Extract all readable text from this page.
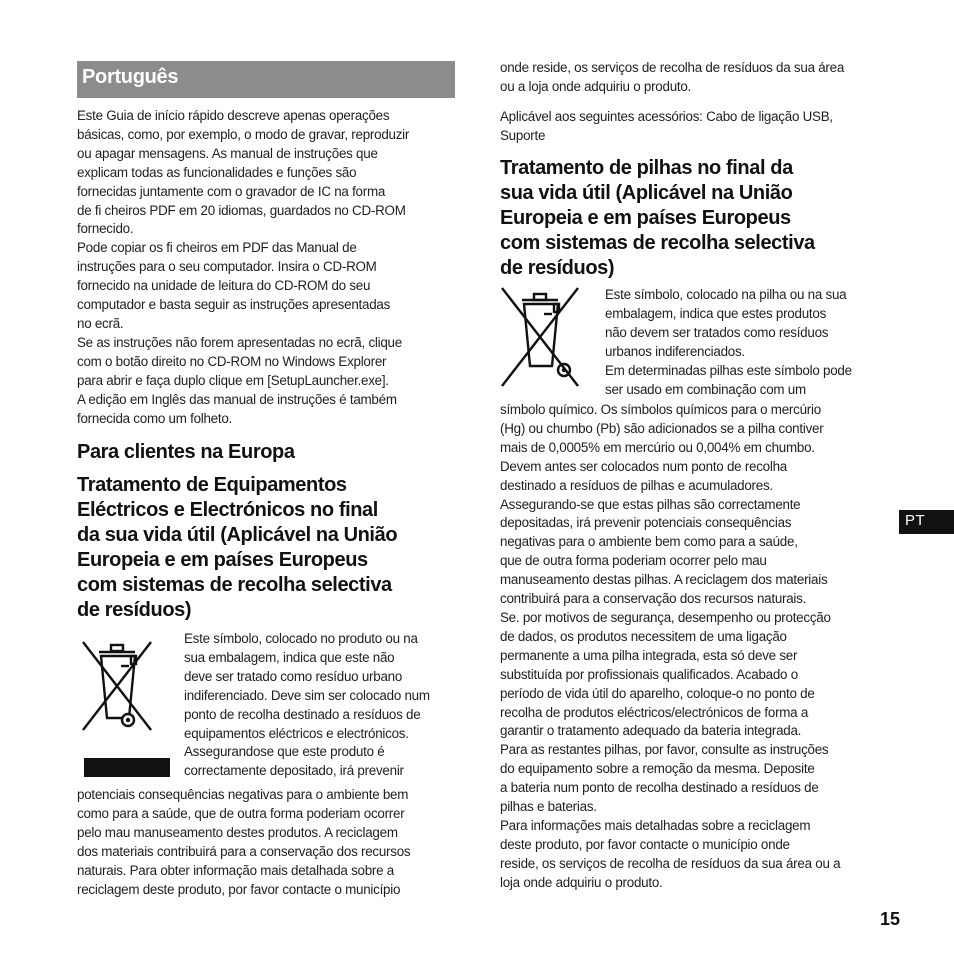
Português
Este Guia de início rápido descreve apenas operações
básicas, como, por exemplo, o modo de gravar, reproduzir
ou apagar mensagens. As manual de instruções que
explicam todas as funcionalidades e funções são
fornecidas juntamente com o gravador de IC na forma
de fi cheiros PDF em 20 idiomas, guardados no CD-ROM
fornecido.
Pode copiar os fi cheiros em PDF das Manual de
instruções para o seu computador. Insira o CD-ROM
fornecido na unidade de leitura do CD-ROM do seu
computador e basta seguir as instruções apresentadas
no ecrã.
Se as instruções não forem apresentadas no ecrã, clique
com o botão direito no CD-ROM no Windows Explorer
para abrir e faça duplo clique em [SetupLauncher.exe].
A edição em Inglês das manual de instruções é também
fornecida como um folheto.
Para clientes na Europa
Tratamento de Equipamentos
Eléctricos e Electrónicos no final
da sua vida útil (Aplicável na União
Europeia e em países Europeus
com sistemas de recolha selectiva
de resíduos)
Este símbolo, colocado no produto ou na
sua embalagem, indica que este não
deve ser tratado como resíduo urbano
indiferenciado. Deve sim ser colocado num
ponto de recolha destinado a resíduos de
equipamentos eléctricos e electrónicos.
Assegurandose que este produto é
correctamente depositado, irá prevenir
potenciais consequências negativas para o ambiente bem
como para a saúde, que de outra forma poderiam ocorrer
pelo mau manuseamento destes produtos. A reciclagem
dos materiais contribuirá para a conservação dos recursos
naturais. Para obter informação mais detalhada sobre a
reciclagem deste produto, por favor contacte o município
onde reside, os serviços de recolha de resíduos da sua área
ou a loja onde adquiriu o produto.
Aplicável aos seguintes acessórios: Cabo de ligação USB,
Suporte
Tratamento de pilhas no final da
sua vida útil (Aplicável na União
Europeia e em países Europeus
com sistemas de recolha selectiva
de resíduos)
Este símbolo, colocado na pilha ou na sua
embalagem, indica que estes produtos
não devem ser tratados como resíduos
urbanos indiferenciados.
Em determinadas pilhas este símbolo pode
ser usado em combinação com um
símbolo químico. Os símbolos químicos para o mercúrio
(Hg) ou chumbo (Pb) são adicionados se a pilha contiver
mais de 0,0005% em mercúrio ou 0,004% em chumbo.
Devem antes ser colocados num ponto de recolha
destinado a resíduos de pilhas e acumuladores.
Assegurando-se que estas pilhas são correctamente
depositadas, irá prevenir potenciais consequências
negativas para o ambiente bem como para a saúde,
que de outra forma poderiam ocorrer pelo mau
manuseamento destas pilhas. A reciclagem dos materiais
contribuirá para a conservação dos recursos naturais.
Se. por motivos de segurança, desempenho ou protecção
de dados, os produtos necessitem de uma ligação
permanente a uma pilha integrada, esta só deve ser
substituída por profissionais qualificados. Acabado o
período de vida útil do aparelho, coloque-o no ponto de
recolha de produtos eléctricos/electrónicos de forma a
garantir o tratamento adequado da bateria integrada.
Para as restantes pilhas, por favor, consulte as instruções
do equipamento sobre a remoção da mesma. Deposite
a bateria num ponto de recolha destinado a resíduos de
pilhas e baterias.
Para informações mais detalhadas sobre a reciclagem
deste produto, por favor contacte o município onde
reside, os serviços de recolha de resíduos da sua área ou a
loja onde adquiriu o produto.
PT
15
